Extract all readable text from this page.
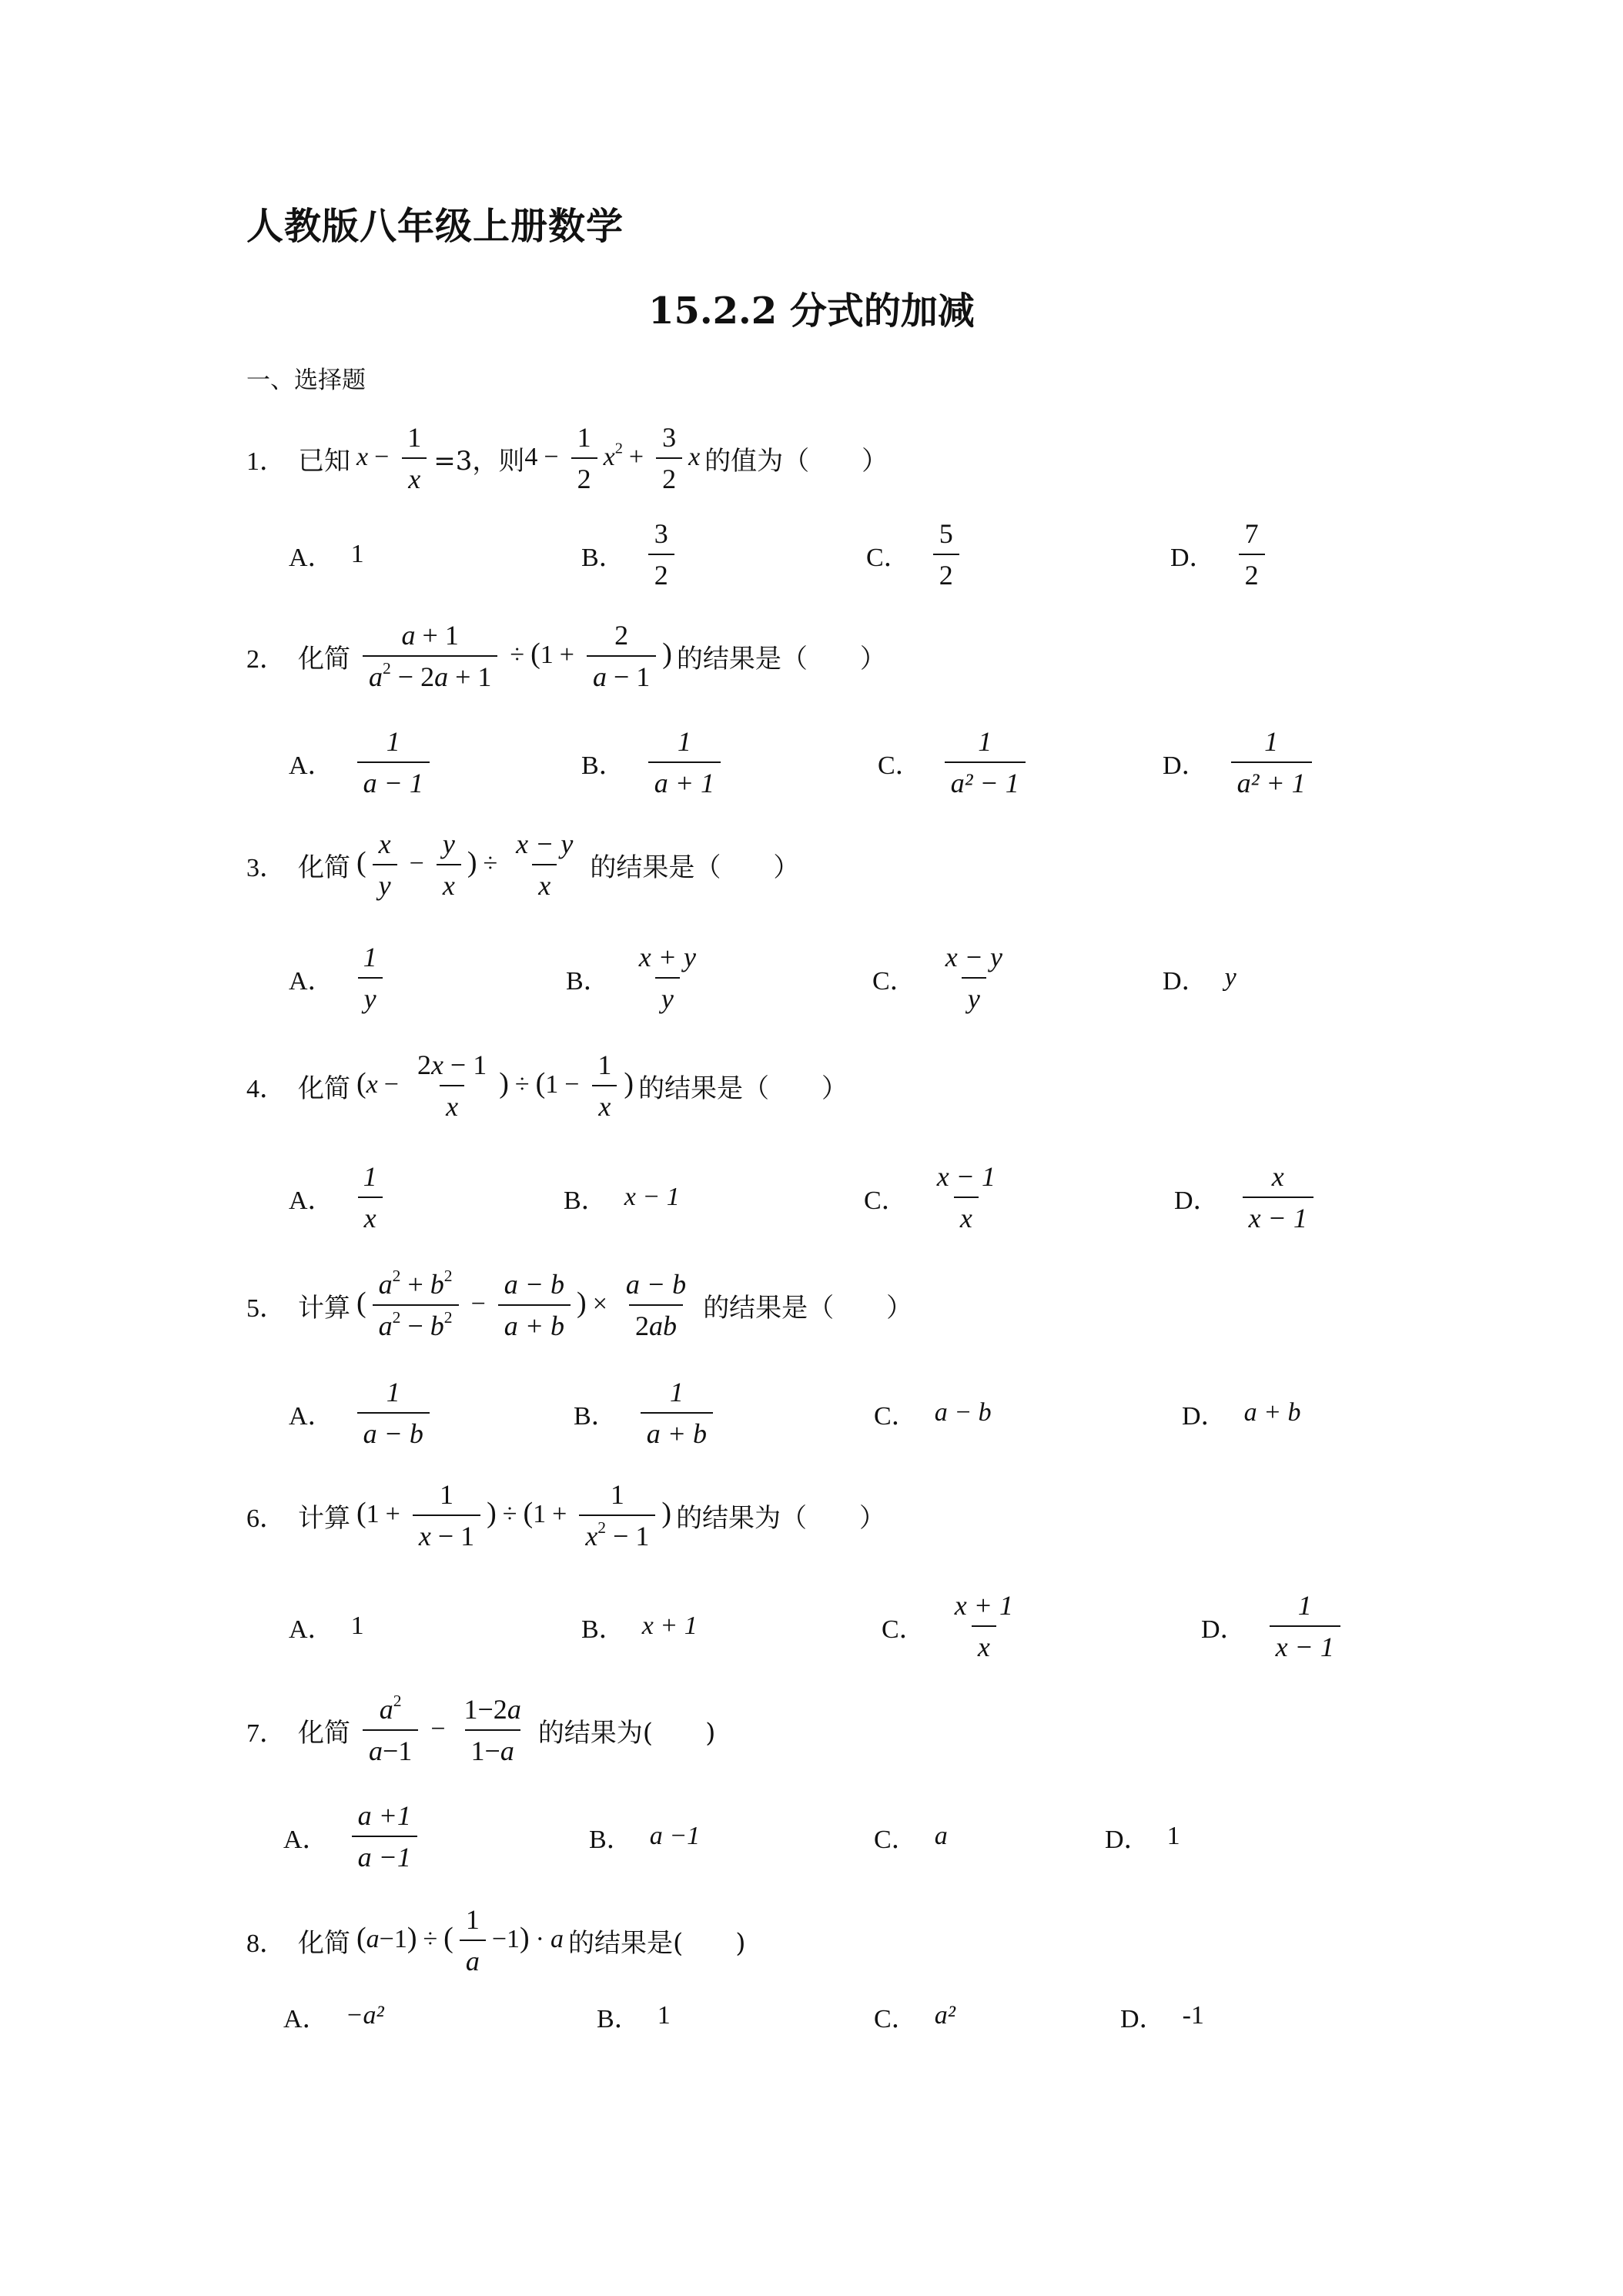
人教版八年级上册数学
15.2.2 分式的加减
一、选择题
1． 已知 $x - \frac{1}{x} =3$，则 $4 - \frac{1}{2} x^2 + \frac{3}{2}$ x 的值为（　　）
A． 1	B． $\frac{3}{2}$	C． $\frac{5}{2}$	D． $\frac{7}{2}$
2． 化简 $\frac{a + 1}{a^2 - 2a + 1} \div (1 + \frac{2}{a - 1}$ ) 的结果是（　　）
A． $\frac{1}{a - 1}$	B． $\frac{1}{a + 1}$	C． $\frac{1}{\text{a² − 1}}$	D． $\frac{1}{\text{a² + 1}}$
3． 化简 ( $\frac{x}{y} - \frac{y}{x}$ ) ÷ $\frac{x - y}{x}$ 的结果是（　　）
A． $\frac{1}{y}$	B． $\frac{x + y}{y}$	C． $\frac{x - y}{y}$	D． y
4． 化简 ($x - \frac{2x - 1}{x}$ ) ÷ ($1 - \frac{1}{x}$ ) 的结果是（　　）
A． $\frac{1}{x}$	B． x − 1	C． $\frac{x - 1}{x}$	D． $\frac{x}{x - 1}$
5． 计算 ( $\frac{a^2 + b^2}{a^2 - b^2} - \frac{a - b}{a + b}$ ) × $\frac{a - b}{2ab}$ 的结果是（　　）
A． $\frac{1}{a - b}$	B． $\frac{1}{a + b}$	C． a − b	D． a + b
6． 计算 ($1 + \frac{1}{x - 1}$ ) ÷ ($1 + \frac{1}{x^2 - 1}$ ) 的结果为（　　）
A． 1	B． x + 1	C． $\frac{x + 1}{x}$	D． $\frac{1}{x - 1}$
7． 化简 $\frac{a^2}{a-1} - \frac{1-2a}{1-a}$ 的结果为(　　)
A． $\frac{a +1}{a -1}$	B． a −1	C． a	D． 1
8． 化简 (a−1) ÷ ( $\frac{1}{a} -1) \cdot a$ 的结果是(　　)
A． −a²	B． 1	C． a²	D． -1
